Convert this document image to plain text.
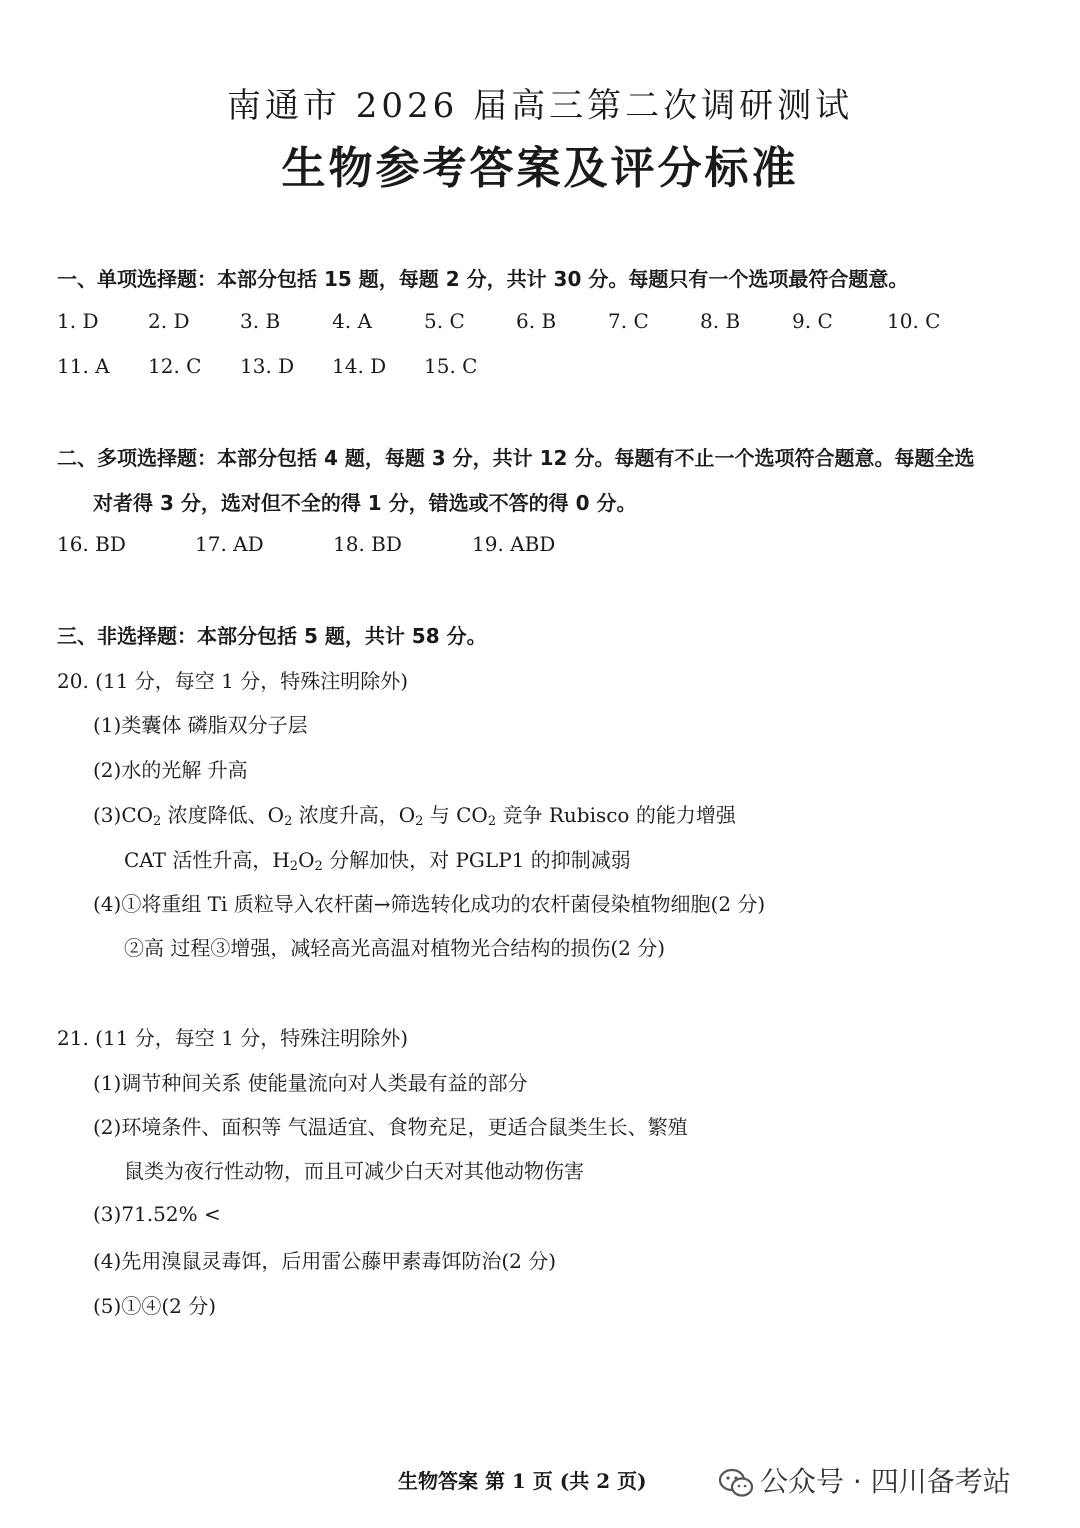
南通市 2026 届高三第二次调研测试
生物参考答案及评分标准
一、单项选择题：本部分包括 15 题，每题 2 分，共计 30 分。每题只有一个选项最符合题意。
1. D 2. D	3. B	4. A	5. C	6. B	7. C	8. B	9. C	10. C
11. A 12. C 13. D 14. D 15. C
二、多项选择题：本部分包括 4 题，每题 3 分，共计 12 分。每题有不止一个选项符合题意。每题全选
对者得 3 分，选对但不全的得 1 分，错选或不答的得 0 分。
16. BD	17. AD	18. BD	19. ABD
三、非选择题：本部分包括 5 题，共计 58 分。
20. (11 分，每空 1 分，特殊注明除外)
(1)类囊体 磷脂双分子层
(2)水的光解 升高
$(3)CO_2$ 浓度降低、$O_2$ 浓度升高，$O_2$ 与 $CO_2$ 竞争 Rubisco 的能力增强
CAT 活性升高，$H_2O_2$ 分解加快，对 PGLP1 的抑制减弱
(4)①将重组 Ti 质粒导入农杆菌→筛选转化成功的农杆菌侵染植物细胞(2 分)
②高 过程③增强，减轻高光高温对植物光合结构的损伤(2 分)
21. (11 分，每空 1 分，特殊注明除外)
(1)调节种间关系 使能量流向对人类最有益的部分
(2)环境条件、面积等 气温适宜、食物充足，更适合鼠类生长、繁殖
鼠类为夜行性动物，而且可减少白天对其他动物伤害
(3)71.52% <
(4)先用溴鼠灵毒饵，后用雷公藤甲素毒饵防治(2 分)
(5)①④(2 分)
生物答案 第 1 页 (共 2 页)	公众号 · 四川备考站
